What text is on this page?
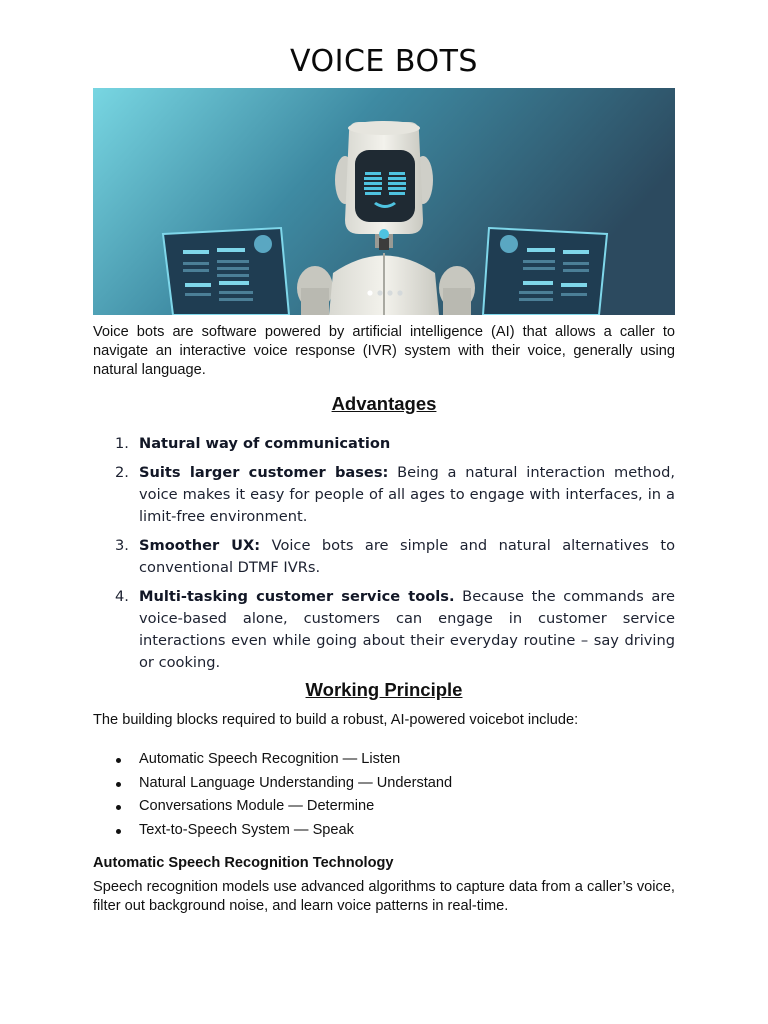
VOICE BOTS

Voice bots are software powered by artificial intelligence (AI) that allows a caller to navigate an interactive voice response (IVR) system with their voice, generally using natural language.

Advantages
1. Natural way of communication
2. Suits larger customer bases: Being a natural interaction method, voice makes it easy for people of all ages to engage with interfaces, in a limit-free environment.
3. Smoother UX: Voice bots are simple and natural alternatives to conventional DTMF IVRs.
4. Multi-tasking customer service tools. Because the commands are voice-based alone, customers can engage in customer service interactions even while going about their everyday routine – say driving or cooking.
Working Principle

The building blocks required to build a robust, AI-powered voicebot include:

Automatic Speech Recognition — Listen
Natural Language Understanding — Understand
Conversations Module — Determine
Text-to-Speech System — Speak
Automatic Speech Recognition Technology

Speech recognition models use advanced algorithms to capture data from a caller’s voice, filter out background noise, and learn voice patterns in real-time.
